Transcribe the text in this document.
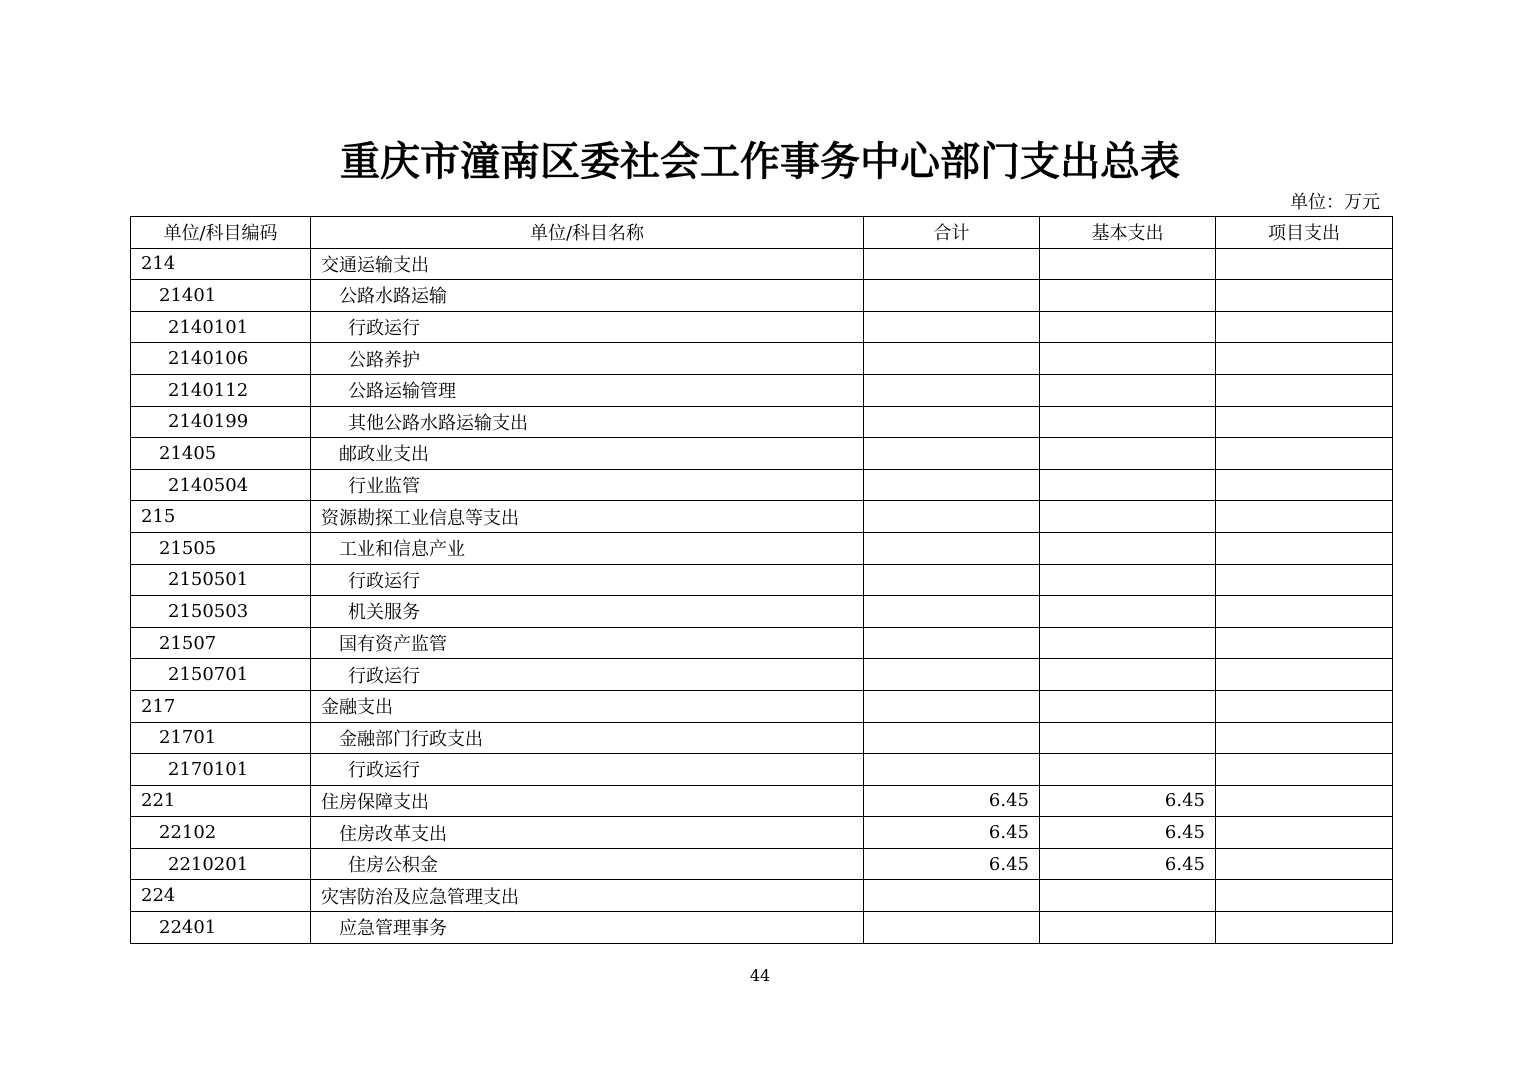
重庆市潼南区委社会工作事务中心部门支出总表
单位：万元
单位/科目编码	单位/科目名称	合计	基本支出	项目支出
214	交通运输支出			
21401	公路水路运输			
2140101	行政运行			
2140106	公路养护			
2140112	公路运输管理			
2140199	其他公路水路运输支出			
21405	邮政业支出			
2140504	行业监管			
215	资源勘探工业信息等支出			
21505	工业和信息产业			
2150501	行政运行			
2150503	机关服务			
21507	国有资产监管			
2150701	行政运行			
217	金融支出			
21701	金融部门行政支出			
2170101	行政运行			
221	住房保障支出	6.45	6.45	
22102	住房改革支出	6.45	6.45	
2210201	住房公积金	6.45	6.45	
224	灾害防治及应急管理支出			
22401	应急管理事务			
44
